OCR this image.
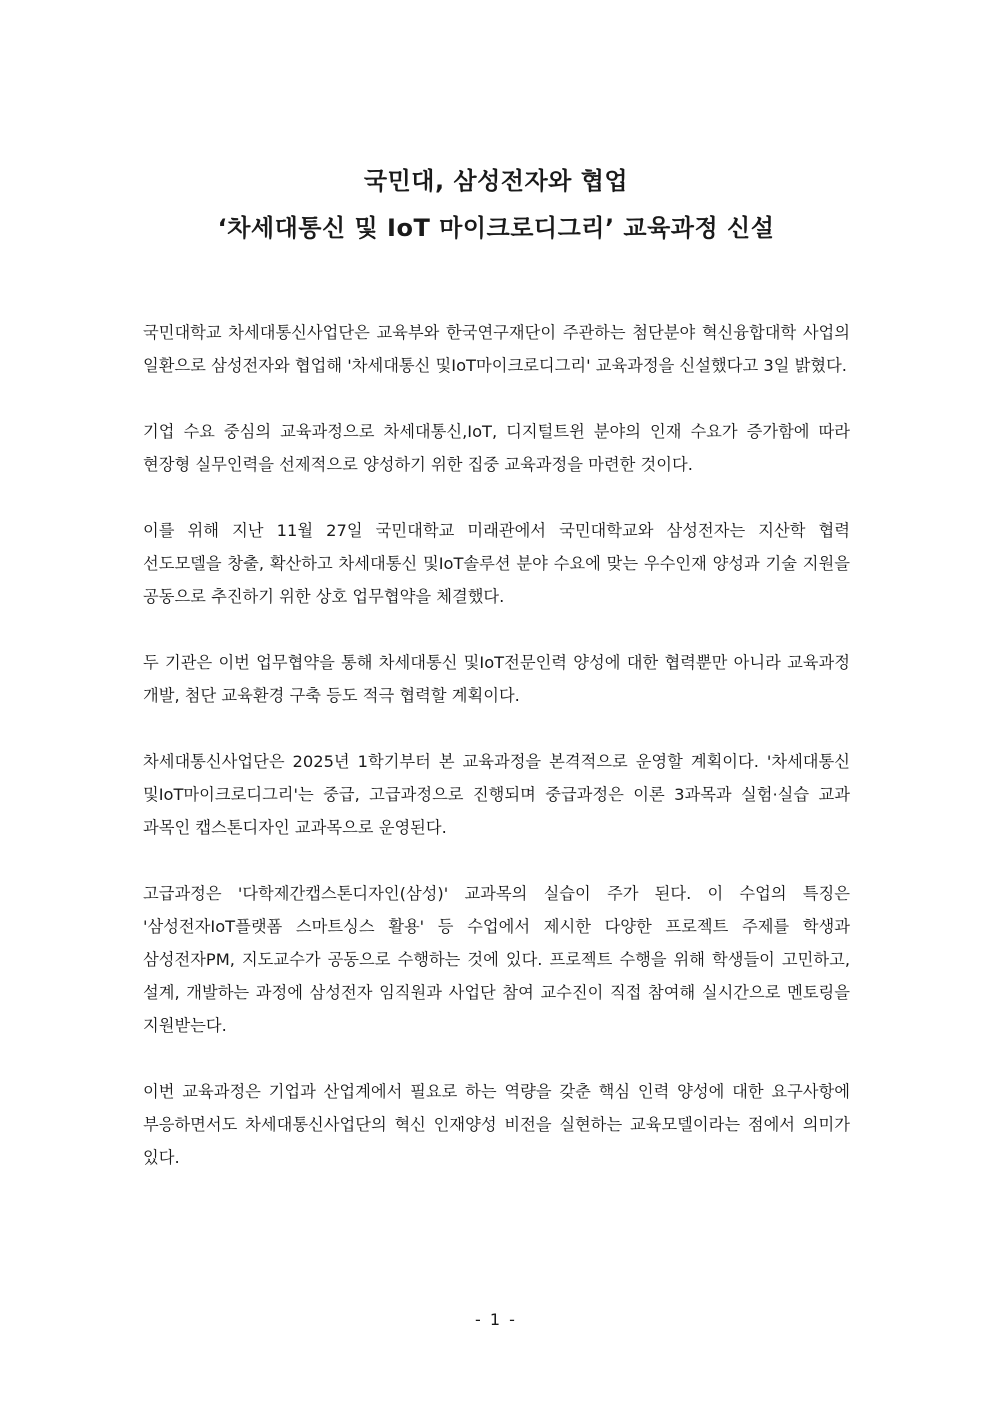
국민대, 삼성전자와 협업
‘차세대통신 및 IoT 마이크로디그리’ 교육과정 신설

국민대학교 차세대통신사업단은 교육부와 한국연구재단이 주관하는 첨단분야 혁신융합대학 사업의 일환으로 삼성전자와 협업해 '차세대통신 및IoT마이크로디그리' 교육과정을 신설했다고 3일 밝혔다.

기업 수요 중심의 교육과정으로 차세대통신,IoT, 디지털트윈 분야의 인재 수요가 증가함에 따라 현장형 실무인력을 선제적으로 양성하기 위한 집중 교육과정을 마련한 것이다.

이를 위해 지난 11월 27일 국민대학교 미래관에서 국민대학교와 삼성전자는 지산학 협력 선도모델을 창출, 확산하고 차세대통신 및IoT솔루션 분야 수요에 맞는 우수인재 양성과 기술 지원을 공동으로 추진하기 위한 상호 업무협약을 체결했다.

두 기관은 이번 업무협약을 통해 차세대통신 및IoT전문인력 양성에 대한 협력뿐만 아니라 교육과정 개발, 첨단 교육환경 구축 등도 적극 협력할 계획이다.

차세대통신사업단은 2025년 1학기부터 본 교육과정을 본격적으로 운영할 계획이다. '차세대통신 및IoT마이크로디그리'는 중급, 고급과정으로 진행되며 중급과정은 이론 3과목과 실험·실습 교과 과목인 캡스톤디자인 교과목으로 운영된다.

고급과정은 '다학제간캡스톤디자인(삼성)' 교과목의 실습이 주가 된다. 이 수업의 특징은 '삼성전자IoT플랫폼 스마트싱스 활용' 등 수업에서 제시한 다양한 프로젝트 주제를 학생과 삼성전자PM, 지도교수가 공동으로 수행하는 것에 있다. 프로젝트 수행을 위해 학생들이 고민하고, 설계, 개발하는 과정에 삼성전자 임직원과 사업단 참여 교수진이 직접 참여해 실시간으로 멘토링을 지원받는다.

이번 교육과정은 기업과 산업계에서 필요로 하는 역량을 갖춘 핵심 인력 양성에 대한 요구사항에 부응하면서도 차세대통신사업단의 혁신 인재양성 비전을 실현하는 교육모델이라는 점에서 의미가 있다.

- 1 -
